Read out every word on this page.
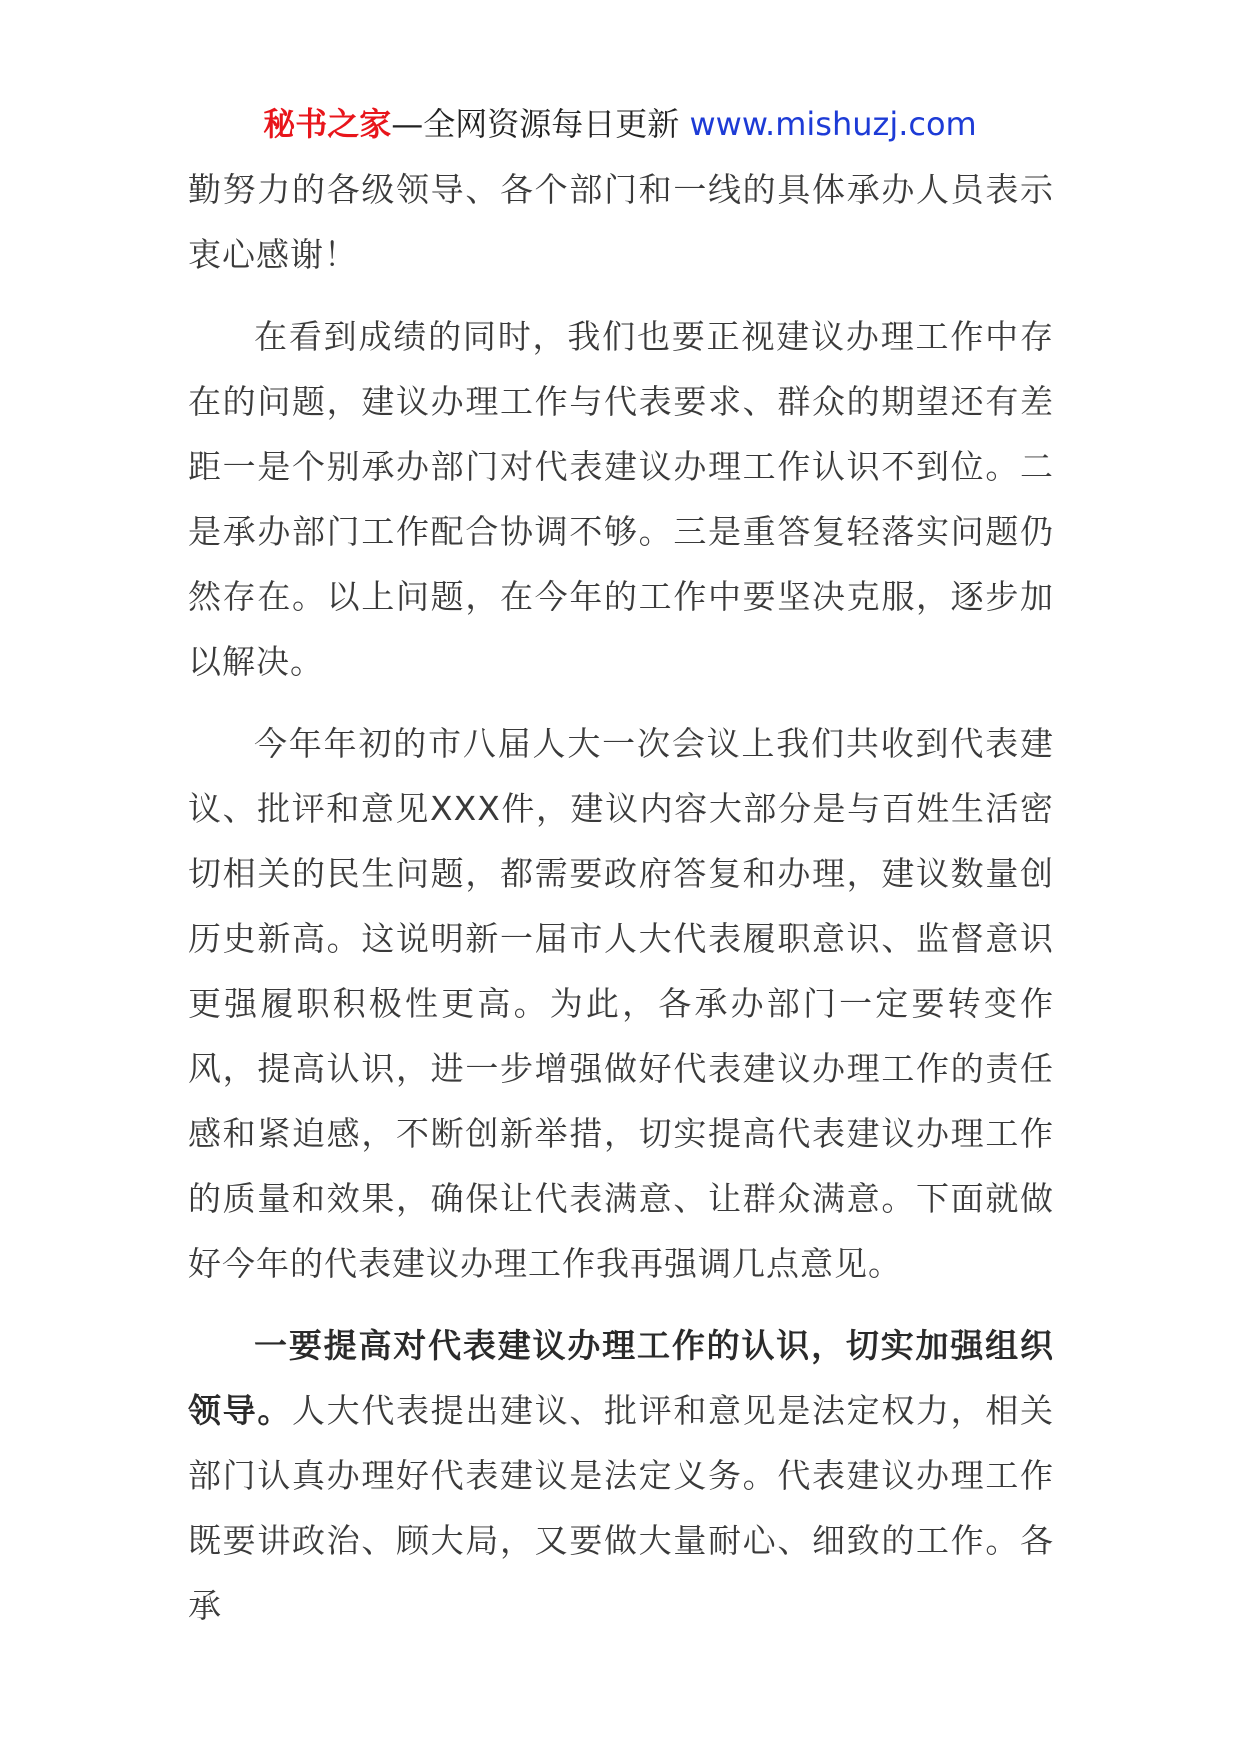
秘书之家—全网资源每日更新 www.mishuzj.com

勤努力的各级领导、各个部门和一线的具体承办人员表示衷心感谢！

在看到成绩的同时，我们也要正视建议办理工作中存在的问题，建议办理工作与代表要求、群众的期望还有差距一是个别承办部门对代表建议办理工作认识不到位。二是承办部门工作配合协调不够。三是重答复轻落实问题仍然存在。以上问题，在今年的工作中要坚决克服，逐步加以解决。

今年年初的市八届人大一次会议上我们共收到代表建议、批评和意见XXX件，建议内容大部分是与百姓生活密切相关的民生问题，都需要政府答复和办理，建议数量创历史新高。这说明新一届市人大代表履职意识、监督意识更强履职积极性更高。为此，各承办部门一定要转变作风，提高认识，进一步增强做好代表建议办理工作的责任感和紧迫感，不断创新举措，切实提高代表建议办理工作的质量和效果，确保让代表满意、让群众满意。下面就做好今年的代表建议办理工作我再强调几点意见。

一要提高对代表建议办理工作的认识，切实加强组织领导。人大代表提出建议、批评和意见是法定权力，相关部门认真办理好代表建议是法定义务。代表建议办理工作既要讲政治、顾大局，又要做大量耐心、细致的工作。各承
